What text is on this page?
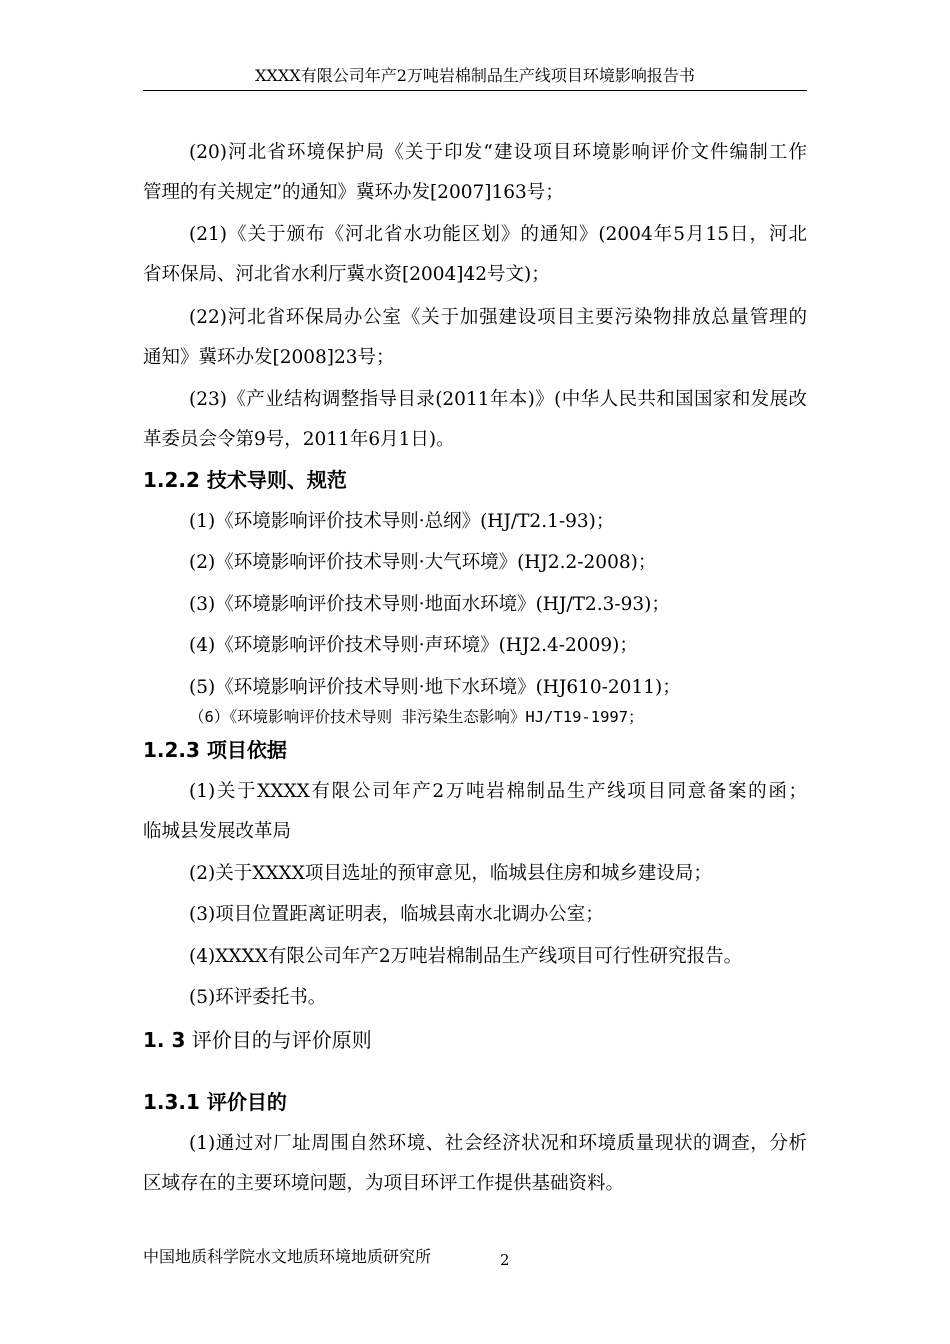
XXXX有限公司年产2万吨岩棉制品生产线项目环境影响报告书
(20)河北省环境保护局《关于印发“建设项目环境影响评价文件编制工作
管理的有关规定”的通知》冀环办发[2007]163号；
(21)《关于颁布《河北省水功能区划》的通知》(2004年5月15日，河北
省环保局、河北省水利厅冀水资[2004]42号文)；
(22)河北省环保局办公室《关于加强建设项目主要污染物排放总量管理的
通知》冀环办发[2008]23号；
(23)《产业结构调整指导目录(2011年本)》(中华人民共和国国家和发展改
革委员会令第9号，2011年6月1日)。
1.2.2 技术导则、规范
(1)《环境影响评价技术导则·总纲》(HJ/T2.1-93)；
(2)《环境影响评价技术导则·大气环境》(HJ2.2-2008)；
(3)《环境影响评价技术导则·地面水环境》(HJ/T2.3-93)；
(4)《环境影响评价技术导则·声环境》(HJ2.4-2009)；
(5)《环境影响评价技术导则·地下水环境》(HJ610-2011)；
（6）《环境影响评价技术导则 非污染生态影响》HJ/T19-1997；
1.2.3 项目依据
(1)关于XXXX有限公司年产2万吨岩棉制品生产线项目同意备案的函；
临城县发展改革局
(2)关于XXXX项目选址的预审意见，临城县住房和城乡建设局；
(3)项目位置距离证明表，临城县南水北调办公室；
(4)XXXX有限公司年产2万吨岩棉制品生产线项目可行性研究报告。
(5)环评委托书。
1. 3 评价目的与评价原则
1.3.1 评价目的
(1)通过对厂址周围自然环境、社会经济状况和环境质量现状的调查，分析
区域存在的主要环境问题，为项目环评工作提供基础资料。
中国地质科学院水文地质环境地质研究所	2
